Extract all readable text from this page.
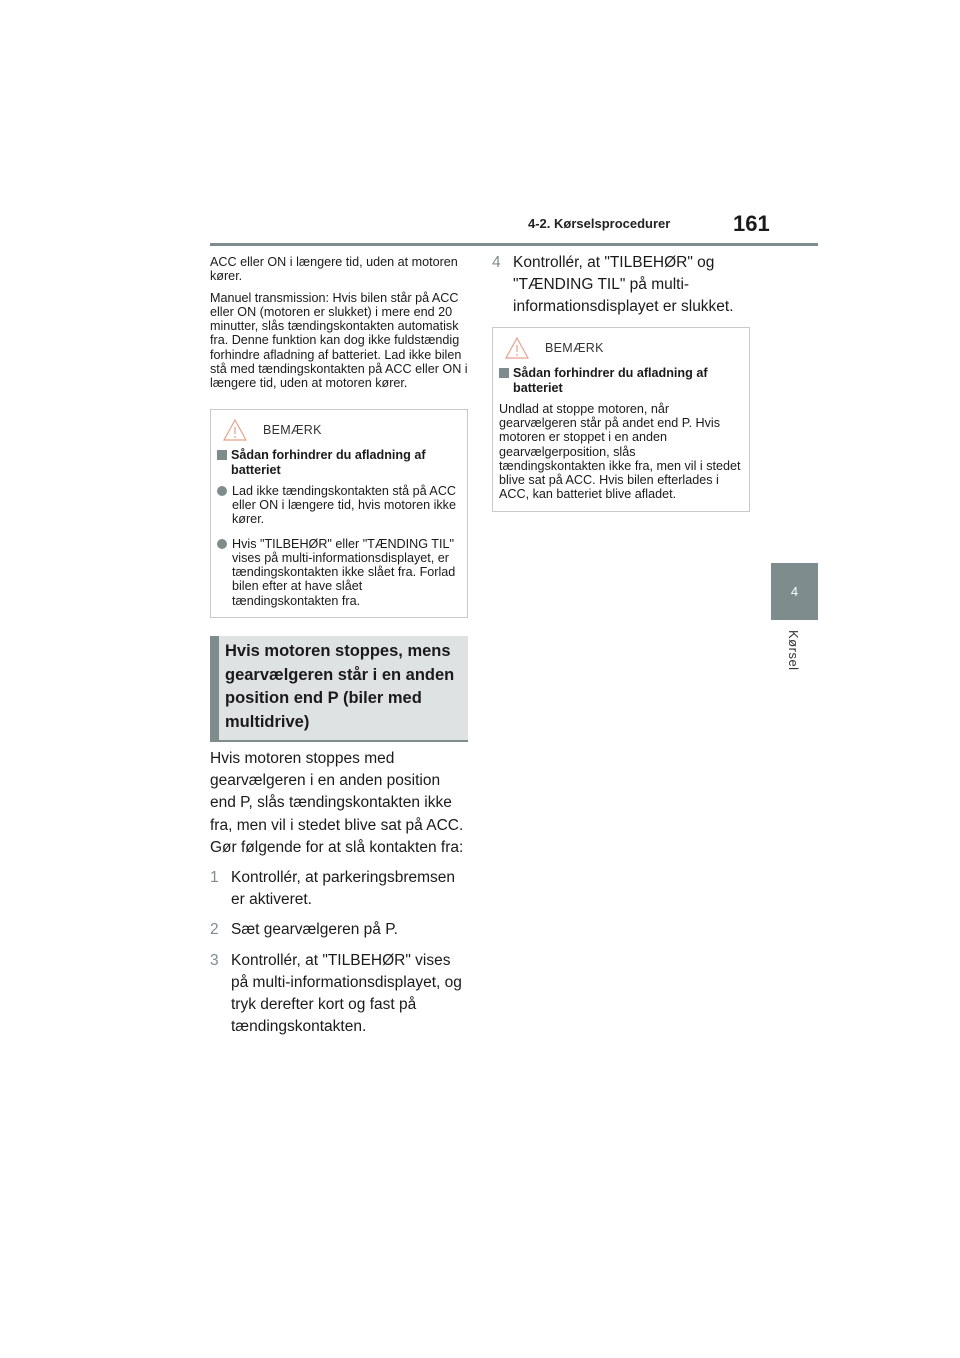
4-2. Kørselsprocedurer	161
4
Kørsel

ACC eller ON i længere tid, uden at motoren kører.

Manuel transmission: Hvis bilen står på ACC eller ON (motoren er slukket) i mere end 20 minutter, slås tændingskontakten automatisk fra. Denne funktion kan dog ikke fuldstændig forhindre afladning af batteriet. Lad ikke bilen stå med tændingskontakten på ACC eller ON i længere tid, uden at motoren kører.

BEMÆRK
Sådan forhindrer du afladning af batteriet
Lad ikke tændingskontakten stå på ACC eller ON i længere tid, hvis motoren ikke kører.
Hvis "TILBEHØR" eller "TÆNDING TIL" vises på multi-informationsdisplayet, er tændingskontakten ikke slået fra. Forlad bilen efter at have slået tændingskontakten fra.
Hvis motoren stoppes, mens gearvælgeren står i en anden position end P (biler med multidrive)

Hvis motoren stoppes med gearvælgeren i en anden position end P, slås tændingskontakten ikke fra, men vil i stedet blive sat på ACC. Gør følgende for at slå kontakten fra:

1 Kontrollér, at parkeringsbremsen er aktiveret.
2 Sæt gearvælgeren på P.
3 Kontrollér, at "TILBEHØR" vises på multi-informationsdisplayet, og tryk derefter kort og fast på tændingskontakten.
4 Kontrollér, at "TILBEHØR" og "TÆNDING TIL" på multi-informationsdisplayet er slukket.
BEMÆRK
Sådan forhindrer du afladning af batteriet
Undlad at stoppe motoren, når gearvælgeren står på andet end P. Hvis motoren er stoppet i en anden gearvælgerposition, slås tændingskontakten ikke fra, men vil i stedet blive sat på ACC. Hvis bilen efterlades i ACC, kan batteriet blive afladet.
